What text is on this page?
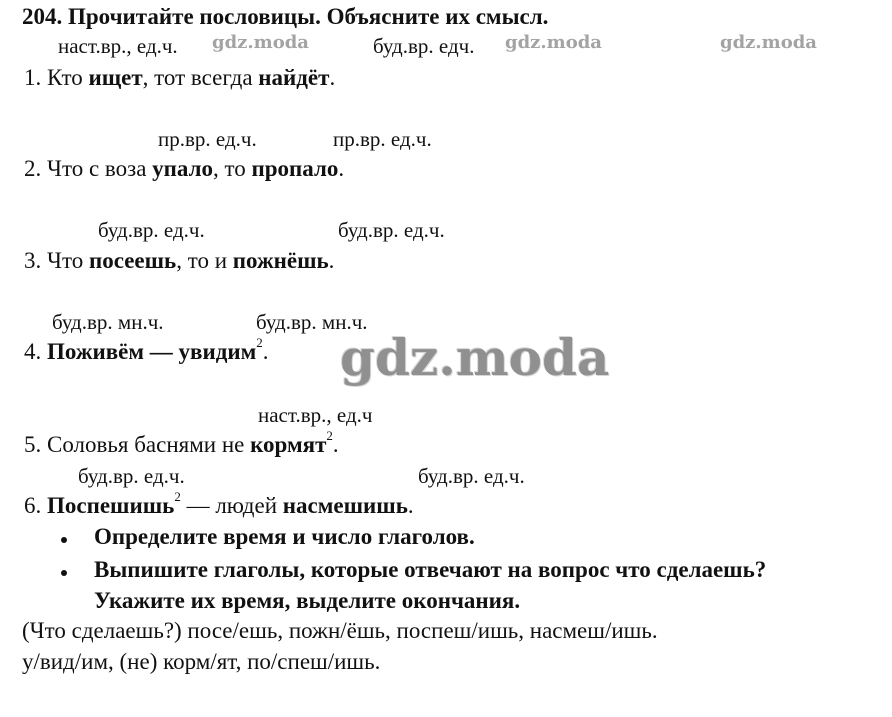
204. Прочитайте пословицы. Объясните их смысл.
gdz.moda	gdz.moda	gdz.moda
наст.вр., ед.ч.	буд.вр. едч.
1. Кто ищет, тот всегда найдёт.
пр.вр. ед.ч.	пр.вр. ед.ч.
2. Что с воза упало, то пропало.
буд.вр. ед.ч.	буд.вр. ед.ч.
3. Что посеешь, то и пожнёшь.
буд.вр. мн.ч.	буд.вр. мн.ч.
4. Поживём — увидим$^2$. gdz.moda
наст.вр., ед.ч
5. Соловья баснями не кормят$^2$.
буд.вр. ед.ч.	буд.вр. ед.ч.
6. Поспешишь$^2$ — людей насмешишь.
Определите время и число глаголов.
Выпишите глаголы, которые отвечают на вопрос что сделаешь?
Укажите их время, выделите окончания.
(Что сделаешь?) посе/ешь, пожн/ёшь, поспеш/ишь, насмеш/ишь.
у/вид/им, (не) корм/ят, по/спеш/ишь.
